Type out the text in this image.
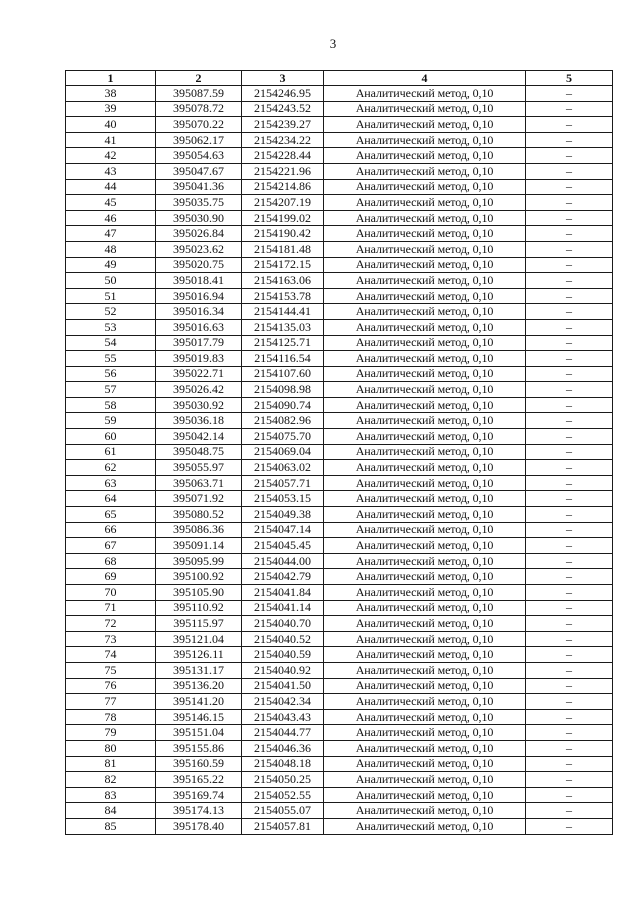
3
1	2	3	4	5
38	395087.59	2154246.95	Аналитический метод, 0,10	–
39	395078.72	2154243.52	Аналитический метод, 0,10	–
40	395070.22	2154239.27	Аналитический метод, 0,10	–
41	395062.17	2154234.22	Аналитический метод, 0,10	–
42	395054.63	2154228.44	Аналитический метод, 0,10	–
43	395047.67	2154221.96	Аналитический метод, 0,10	–
44	395041.36	2154214.86	Аналитический метод, 0,10	–
45	395035.75	2154207.19	Аналитический метод, 0,10	–
46	395030.90	2154199.02	Аналитический метод, 0,10	–
47	395026.84	2154190.42	Аналитический метод, 0,10	–
48	395023.62	2154181.48	Аналитический метод, 0,10	–
49	395020.75	2154172.15	Аналитический метод, 0,10	–
50	395018.41	2154163.06	Аналитический метод, 0,10	–
51	395016.94	2154153.78	Аналитический метод, 0,10	–
52	395016.34	2154144.41	Аналитический метод, 0,10	–
53	395016.63	2154135.03	Аналитический метод, 0,10	–
54	395017.79	2154125.71	Аналитический метод, 0,10	–
55	395019.83	2154116.54	Аналитический метод, 0,10	–
56	395022.71	2154107.60	Аналитический метод, 0,10	–
57	395026.42	2154098.98	Аналитический метод, 0,10	–
58	395030.92	2154090.74	Аналитический метод, 0,10	–
59	395036.18	2154082.96	Аналитический метод, 0,10	–
60	395042.14	2154075.70	Аналитический метод, 0,10	–
61	395048.75	2154069.04	Аналитический метод, 0,10	–
62	395055.97	2154063.02	Аналитический метод, 0,10	–
63	395063.71	2154057.71	Аналитический метод, 0,10	–
64	395071.92	2154053.15	Аналитический метод, 0,10	–
65	395080.52	2154049.38	Аналитический метод, 0,10	–
66	395086.36	2154047.14	Аналитический метод, 0,10	–
67	395091.14	2154045.45	Аналитический метод, 0,10	–
68	395095.99	2154044.00	Аналитический метод, 0,10	–
69	395100.92	2154042.79	Аналитический метод, 0,10	–
70	395105.90	2154041.84	Аналитический метод, 0,10	–
71	395110.92	2154041.14	Аналитический метод, 0,10	–
72	395115.97	2154040.70	Аналитический метод, 0,10	–
73	395121.04	2154040.52	Аналитический метод, 0,10	–
74	395126.11	2154040.59	Аналитический метод, 0,10	–
75	395131.17	2154040.92	Аналитический метод, 0,10	–
76	395136.20	2154041.50	Аналитический метод, 0,10	–
77	395141.20	2154042.34	Аналитический метод, 0,10	–
78	395146.15	2154043.43	Аналитический метод, 0,10	–
79	395151.04	2154044.77	Аналитический метод, 0,10	–
80	395155.86	2154046.36	Аналитический метод, 0,10	–
81	395160.59	2154048.18	Аналитический метод, 0,10	–
82	395165.22	2154050.25	Аналитический метод, 0,10	–
83	395169.74	2154052.55	Аналитический метод, 0,10	–
84	395174.13	2154055.07	Аналитический метод, 0,10	–
85	395178.40	2154057.81	Аналитический метод, 0,10	–
